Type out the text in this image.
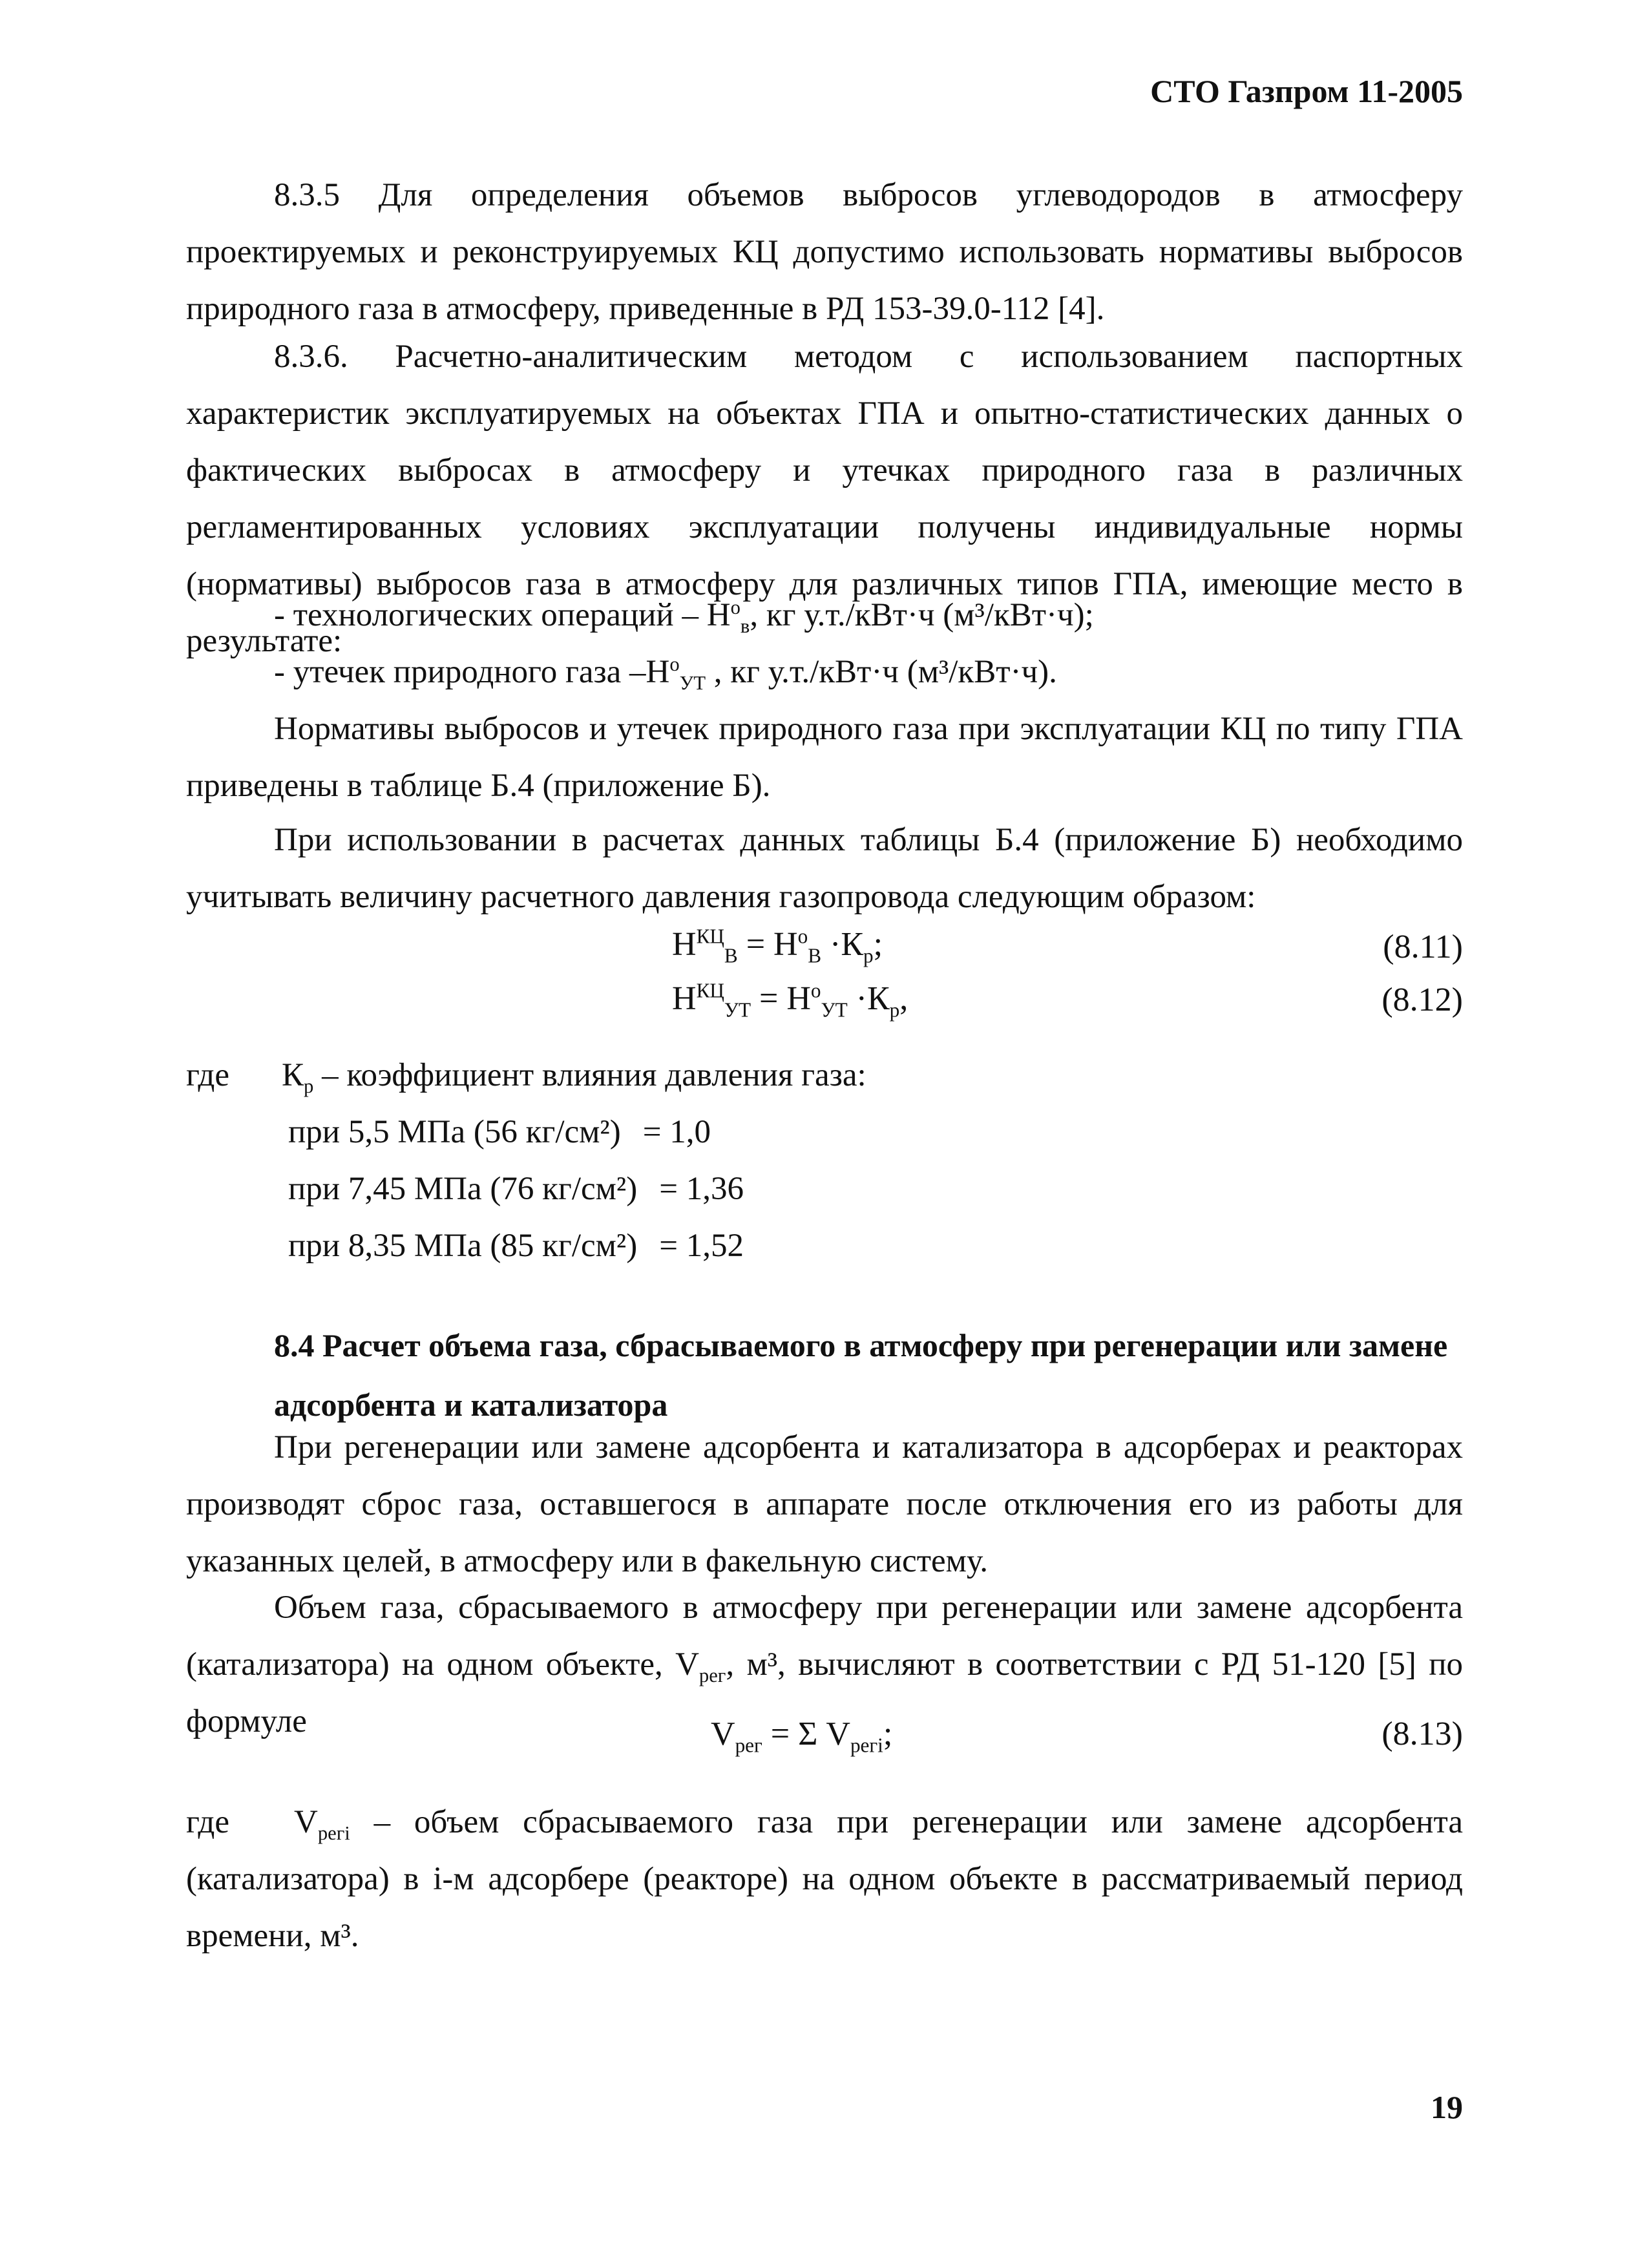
СТО Газпром 11-2005

8.3.5 Для определения объемов выбросов углеводородов в атмосферу проектируемых и реконструируемых КЦ допустимо использовать нормативы выбросов природного газа в атмосферу, приведенные в РД 153-39.0-112 [4].

8.3.6. Расчетно-аналитическим методом с использованием паспортных характеристик эксплуатируемых на объектах ГПА и опытно-статистических данных о фактических выбросах в атмосферу и утечках природного газа в различных регламентированных условиях эксплуатации получены индивидуальные нормы (нормативы) выбросов газа в атмосферу для различных типов ГПА, имеющие место в результате:

- технологических операций – $Н^о_в$, кг у.т./кВт·ч (м³/кВт·ч);
- утечек природного газа $-Н^о_{УТ}$ , кг у.т./кВт·ч (м³/кВт·ч).

Нормативы выбросов и утечек природного газа при эксплуатации КЦ по типу ГПА приведены в таблице Б.4 (приложение Б).

При использовании в расчетах данных таблицы Б.4 (приложение Б) необходимо учитывать величину расчетного давления газопровода следующим образом:

$Н^{КЦ}_В = Н^о_В \cdot К_р$;	(8.11)
$Н^{КЦ}_{УТ} = Н^о_{УТ} \cdot К_р$,	(8.12)
где $К_р$ – коэффициент влияния давления газа:
при 5,5 МПа (56 кг/см²) = 1,0
при 7,45 МПа (76 кг/см²) = 1,36
при 8,35 МПа (85 кг/см²) = 1,52

8.4 Расчет объема газа, сбрасываемого в атмосферу при регенерации или замене адсорбента и катализатора

При регенерации или замене адсорбента и катализатора в адсорберах и реакторах производят сброс газа, оставшегося в аппарате после отключения его из работы для указанных целей, в атмосферу или в факельную систему.

Объем газа, сбрасываемого в атмосферу при регенерации или замене адсорбента (катализатора) на одном объекте, $V_{рег}$, м³, вычисляют в соответствии с РД 51-120 [5] по формуле	$V_{рег} = \Sigma$ $V_{регi}$;	(8.13)

где $V_{регi}$ – объем сбрасываемого газа при регенерации или замене адсорбента (катализатора) в i-м адсорбере (реакторе) на одном объекте в рассматриваемый период времени, м³.

19
